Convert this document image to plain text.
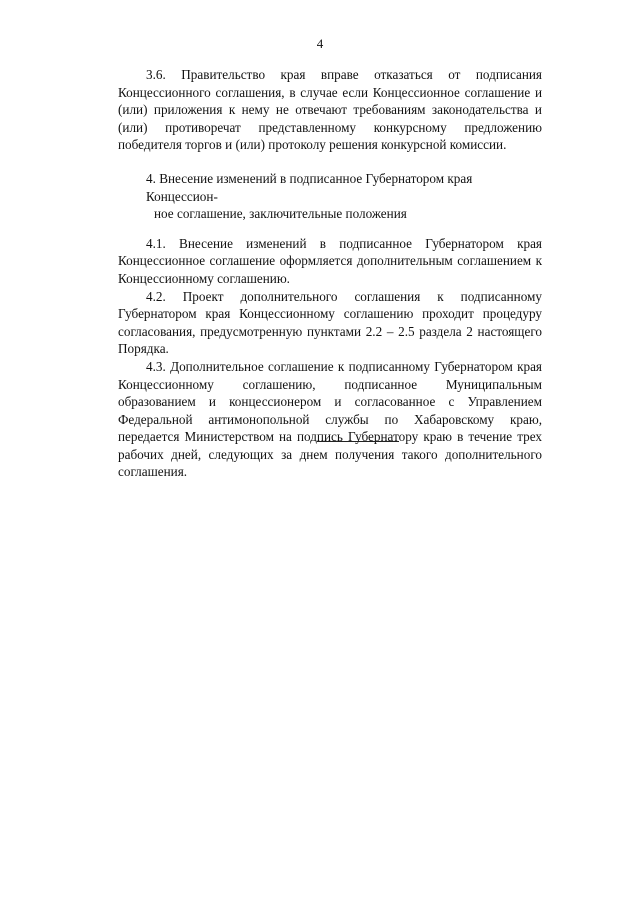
4

3.6. Правительство края вправе отказаться от подписания Концессионного соглашения, в случае если Концессионное соглашение и (или) приложения к нему не отвечают требованиям законодательства и (или) противоречат представленному конкурсному предложению победителя торгов и (или) протоколу решения конкурсной комиссии.

4. Внесение изменений в подписанное Губернатором края Концессион-
ное соглашение, заключительные положения

4.1. Внесение изменений в подписанное Губернатором края Концессионное соглашение оформляется дополнительным соглашением к Концессионному соглашению.

4.2. Проект дополнительного соглашения к подписанному Губернатором края Концессионному соглашению проходит процедуру согласования, предусмотренную пунктами 2.2 – 2.5 раздела 2 настоящего Порядка.

4.3. Дополнительное соглашение к подписанному Губернатором края Концессионному соглашению, подписанное Муниципальным образованием и концессионером и согласованное с Управлением Федеральной антимонопольной службы по Хабаровскому краю, передается Министерством на подпись Губернатору краю в течение трех рабочих дней, следующих за днем получения такого дополнительного соглашения.
